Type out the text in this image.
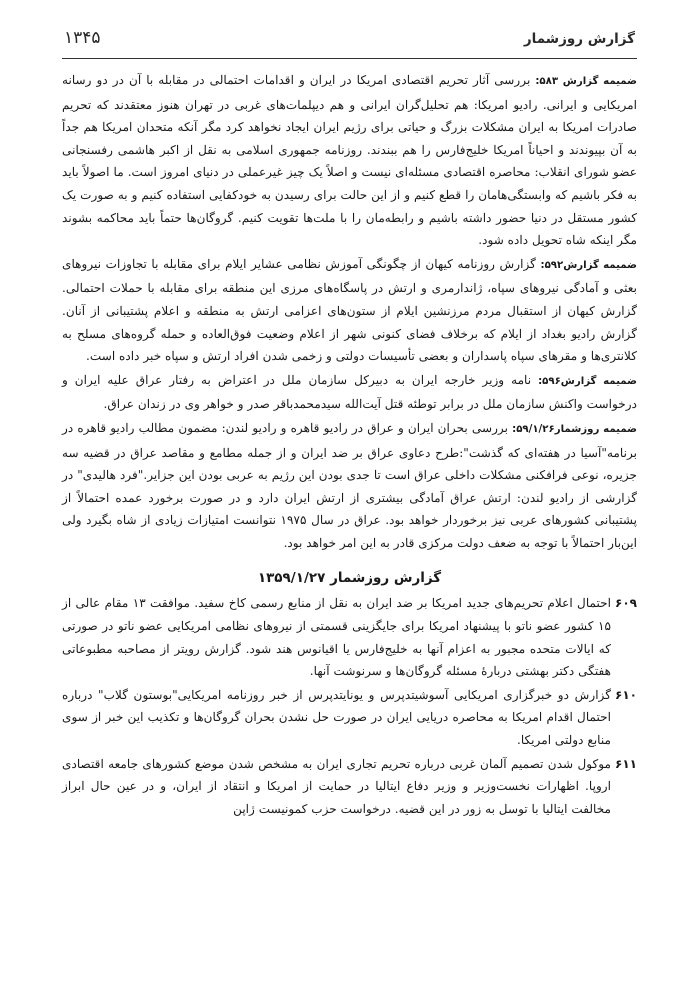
گزارش روزشمار
۱۳۴۵

ضمیمه گزارش ۵۸۳: بررسی آثار تحریم اقتصادی امریکا در ایران و اقدامات احتمالی در مقابله با آن در دو رسانه امریکایی و ایرانی. رادیو امریکا: هم تحلیل‌گران ایرانی و هم دیپلمات‌های غربی در تهران هنوز معتقدند که تحریم صادرات امریکا به ایران مشکلات بزرگ و حیاتی برای رژیم ایران ایجاد نخواهد کرد مگر آنکه متحدان امریکا هم جداً به آن بپیوندند و احیاناً امریکا خلیج‌فارس را هم ببندند. روزنامه جمهوری اسلامی به نقل از اکبر هاشمی رفسنجانی عضو شورای انقلاب: محاصره اقتصادی مسئله‌ای نیست و اصلاً یک چیز غیرعملی در دنیای امروز است. ما اصولاً باید به فکر باشیم که وابستگی‌هامان را قطع کنیم و از این حالت برای رسیدن به خودکفایی استفاده کنیم و به صورت یک کشور مستقل در دنیا حضور داشته باشیم و رابطه‌مان را با ملت‌ها تقویت کنیم. گروگان‌ها حتماً باید محاکمه بشوند مگر اینکه شاه تحویل داده شود.

ضمیمه گزارش۵۹۲: گزارش روزنامه کیهان از چگونگی آموزش نظامی عشایر ایلام برای مقابله با تجاوزات نیروهای بعثی و آمادگی نیروهای سپاه، ژاندارمری و ارتش در پاسگاه‌های مرزی این منطقه برای مقابله با حملات احتمالی. گزارش کیهان از استقبال مردم مرزنشین ایلام از ستون‌های اعزامی ارتش به منطقه و اعلام پشتیبانی از آنان. گزارش رادیو بغداد از ایلام که برخلاف فضای کنونی شهر از اعلام وضعیت فوق‌العاده و حمله گروه‌های مسلح به کلانتری‌ها و مقرهای سپاه پاسداران و بعضی تأسیسات دولتی و زخمی شدن افراد ارتش و سپاه خبر داده است.

ضمیمه گزارش۵۹۶: نامه وزیر خارجه ایران به دبیرکل سازمان ملل در اعتراض به رفتار عراق علیه ایران و درخواست واکنش سازمان ملل در برابر توطئه قتل آیت‌الله سیدمحمدباقر صدر و خواهر وی در زندان عراق.

ضمیمه روزشمار۵۹/۱/۲۶: بررسی بحران ایران و عراق در رادیو قاهره و رادیو لندن: مضمون مطالب رادیو قاهره در برنامه"آسیا در هفته‌ای که گذشت":طرح دعاوی عراق بر ضد ایران و از جمله مطامع و مقاصد عراق در قضیه سه جزیره، نوعی فرافکنی مشکلات داخلی عراق است تا جدی بودن این رژیم به عربی بودن این جزایر."فرد هالیدی" در گزارشی از رادیو لندن: ارتش عراق آمادگی بیشتری از ارتش ایران دارد و در صورت برخورد عمده احتمالاً از پشتیبانی کشورهای عربی نیز برخوردار خواهد بود. عراق در سال ۱۹۷۵ نتوانست امتیازات زیادی از شاه بگیرد ولی این‌بار احتمالاً با توجه به ضعف دولت مرکزی قادر به این امر خواهد بود.

گزارش روزشمار ۱۳۵۹/۱/۲۷
۶۰۹
احتمال اعلام تحریم‌های جدید امریکا بر ضد ایران به نقل از منابع رسمی کاخ سفید. موافقت ۱۳ مقام عالی از ۱۵ کشور عضو ناتو با پیشنهاد امریکا برای جایگزینی قسمتی از نیروهای نظامی امریکایی عضو ناتو در صورتی که ایالات متحده مجبور به اعزام آنها به خلیج‌فارس یا اقیانوس هند شود. گزارش رویتر از مصاحبه مطبوعاتی هفتگی دکتر بهشتی دربارهٔ مسئله گروگان‌ها و سرنوشت آنها.
۶۱۰
گزارش دو خبرگزاری امریکایی آسوشیتدپرس و یونایتدپرس از خبر روزنامه امریکایی"بوستون گلاب" درباره احتمال اقدام امریکا به محاصره دریایی ایران در صورت حل نشدن بحران گروگان‌ها و تکذیب این خبر از سوی منابع دولتی امریکا.
۶۱۱
موکول شدن تصمیم آلمان غربی درباره تحریم تجاری ایران به مشخص شدن موضع کشورهای جامعه اقتصادی اروپا. اظهارات نخست‌وزیر و وزیر دفاع ایتالیا در حمایت از امریکا و انتقاد از ایران، و در عین حال ابراز مخالفت ایتالیا با توسل به زور در این قضیه. درخواست حزب کمونیست ژاپن
